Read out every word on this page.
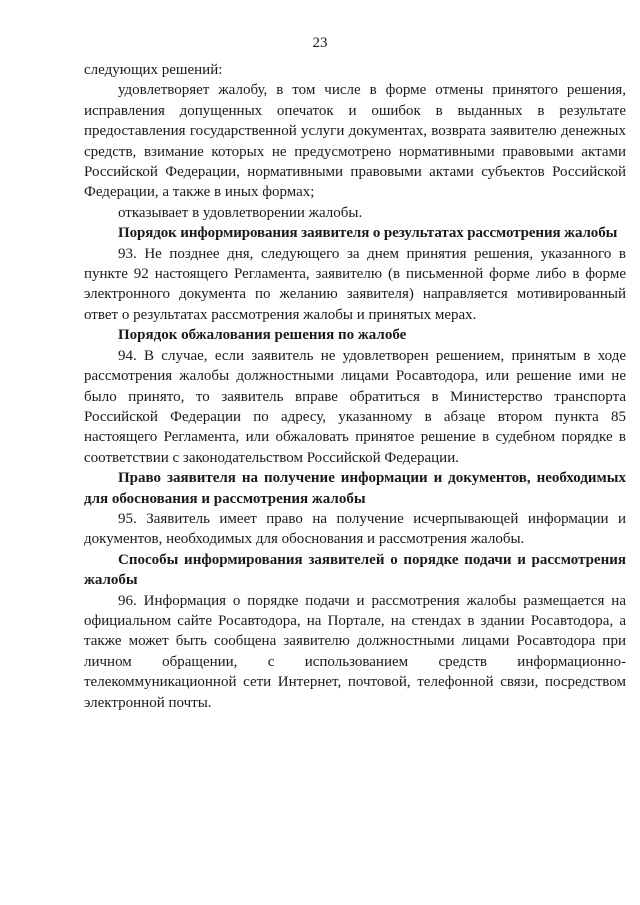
23

следующих решений:

удовлетворяет жалобу, в том числе в форме отмены принятого решения, исправления допущенных опечаток и ошибок в выданных в результате предоставления государственной услуги документах, возврата заявителю денежных средств, взимание которых не предусмотрено нормативными правовыми актами Российской Федерации, нормативными правовыми актами субъектов Российской Федерации, а также в иных формах;

отказывает в удовлетворении жалобы.

Порядок информирования заявителя о результатах рассмотрения жалобы

93. Не позднее дня, следующего за днем принятия решения, указанного в пункте 92 настоящего Регламента, заявителю (в письменной форме либо в форме электронного документа по желанию заявителя) направляется мотивированный ответ о результатах рассмотрения жалобы и принятых мерах.

Порядок обжалования решения по жалобе

94. В случае, если заявитель не удовлетворен решением, принятым в ходе рассмотрения жалобы должностными лицами Росавтодора, или решение ими не было принято, то заявитель вправе обратиться в Министерство транспорта Российской Федерации по адресу, указанному в абзаце втором пункта 85 настоящего Регламента, или обжаловать принятое решение в судебном порядке в соответствии с законодательством Российской Федерации.

Право заявителя на получение информации и документов, необходимых для обоснования и рассмотрения жалобы

95. Заявитель имеет право на получение исчерпывающей информации и документов, необходимых для обоснования и рассмотрения жалобы.

Способы информирования заявителей о порядке подачи и рассмотрения жалобы

96. Информация о порядке подачи и рассмотрения жалобы размещается на официальном сайте Росавтодора, на Портале, на стендах в здании Росавтодора, а также может быть сообщена заявителю должностными лицами Росавтодора при личном обращении, с использованием средств информационно-телекоммуникационной сети Интернет, почтовой, телефонной связи, посредством электронной почты.
